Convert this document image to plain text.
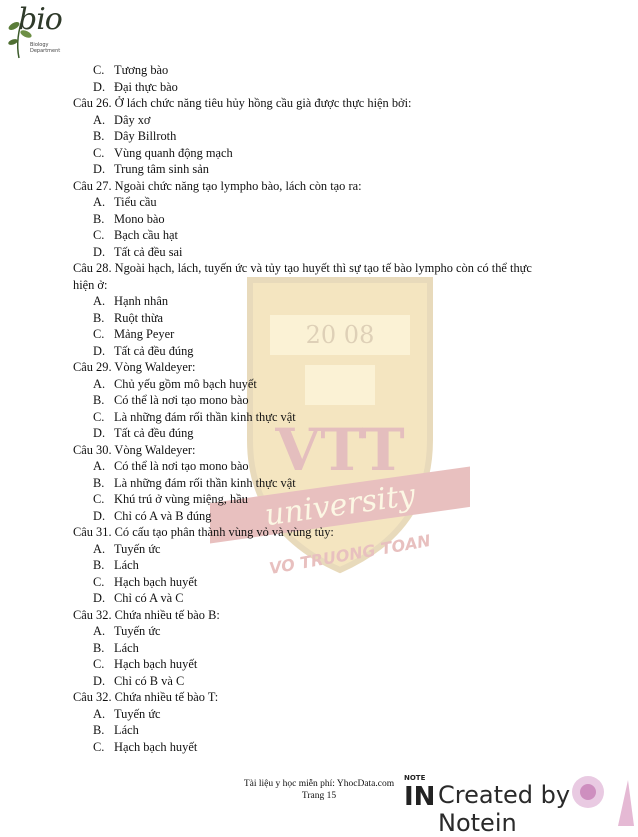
bio
Biology Department
20 08
VTT
university
VO TRUONG TOAN
C. Tương bào
D. Đại thực bào
Câu 26. Ở lách chức năng tiêu hủy hồng cầu già được thực hiện bởi:
A. Dây xơ
B. Dây Billroth
C. Vùng quanh động mạch
D. Trung tâm sinh sản
Câu 27. Ngoài chức năng tạo lympho bào, lách còn tạo ra:
A. Tiểu cầu
B. Mono bào
C. Bạch cầu hạt
D. Tất cả đều sai
Câu 28. Ngoài hạch, lách, tuyến ức và tủy tạo huyết thì sự tạo tế bào lympho còn có thể thực
hiện ở:
A. Hạnh nhân
B. Ruột thừa
C. Mảng Peyer
D. Tất cả đều đúng
Câu 29. Vòng Waldeyer:
A. Chủ yếu gồm mô bạch huyết
B. Có thể là nơi tạo mono bào
C. Là những đám rối thần kinh thực vật
D. Tất cả đều đúng
Câu 30. Vòng Waldeyer:
A. Có thể là nơi tạo mono bào
B. Là những đám rối thần kinh thực vật
C. Khú trú ở vùng miệng, hầu
D. Chỉ có A và B đúng
Câu 31. Có cấu tạo phân thành vùng vỏ và vùng tủy:
A. Tuyến ức
B. Lách
C. Hạch bạch huyết
D. Chỉ có A và C
Câu 32. Chứa nhiều tế bào B:
A. Tuyến ức
B. Lách
C. Hạch bạch huyết
D. Chỉ có B và C
Câu 32. Chứa nhiều tế bào T:
A. Tuyến ức
B. Lách
C. Hạch bạch huyết
Tài liệu y học miễn phí: YhocData.com
Trang 15
NOTE
IN Created by Notein
